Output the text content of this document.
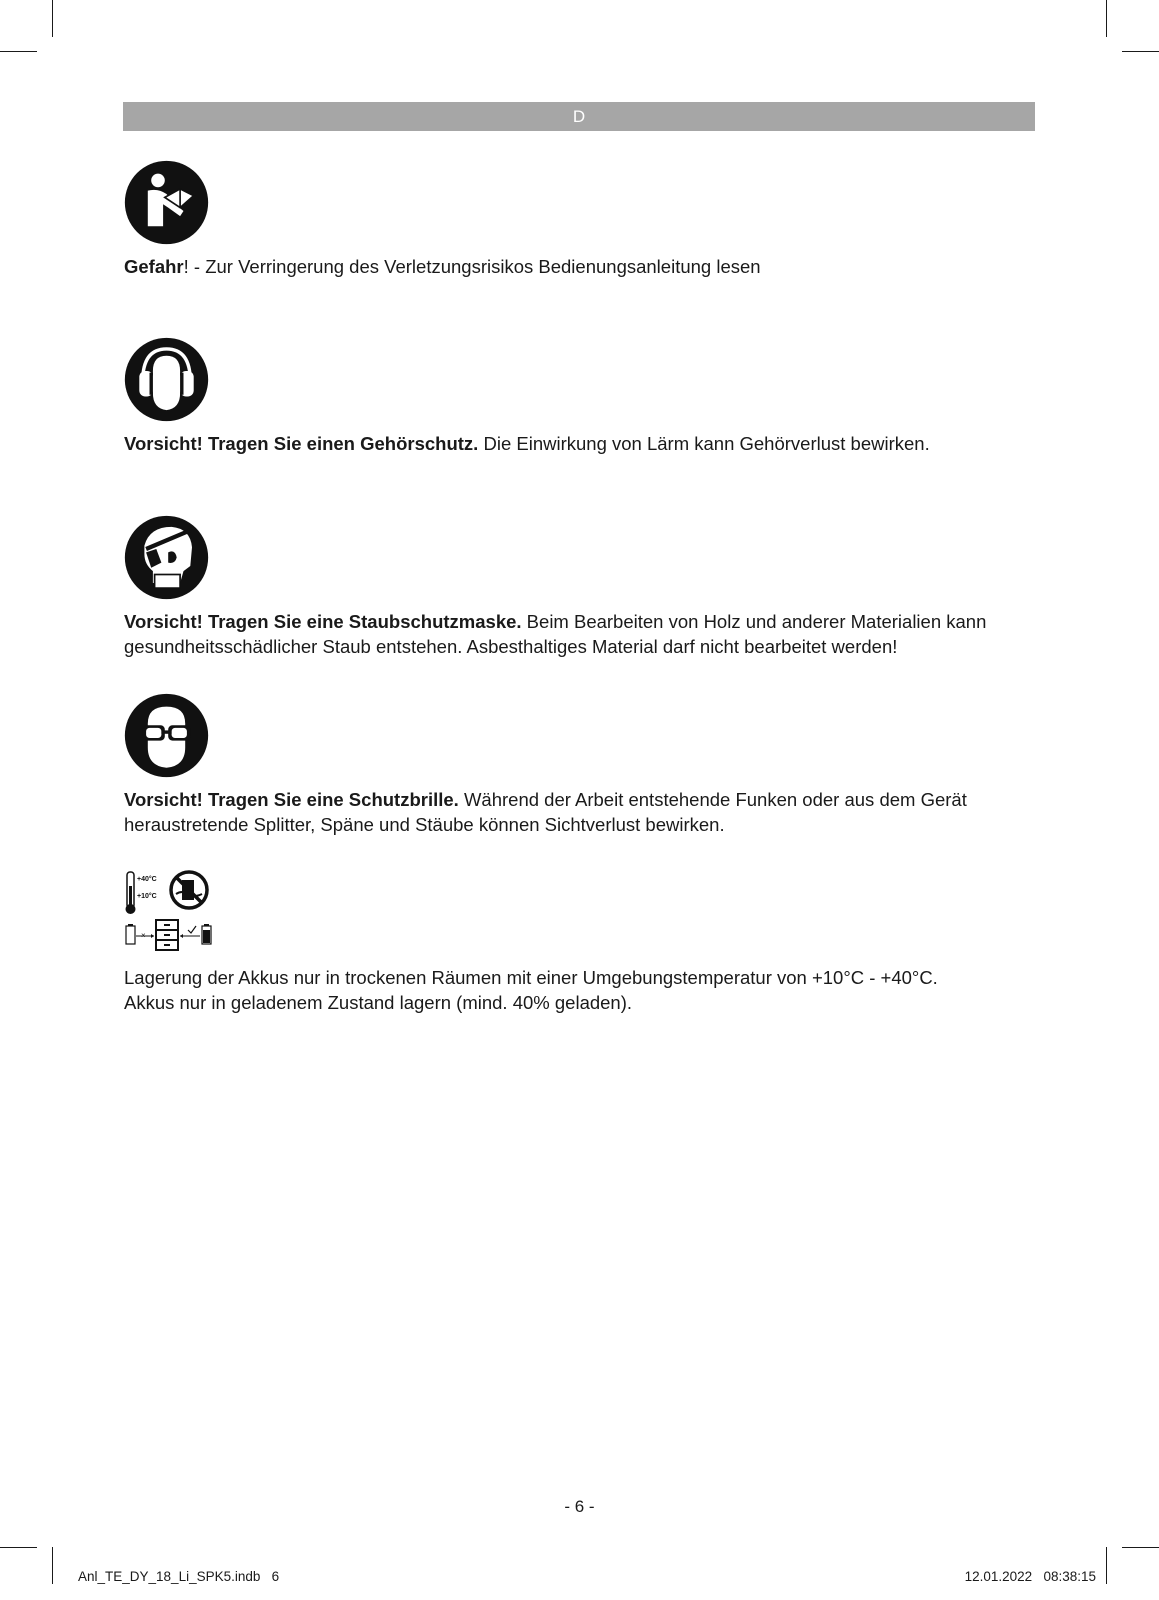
D
Gefahr! - Zur Verringerung des Verletzungsrisikos Bedienungsanleitung lesen
Vorsicht! Tragen Sie einen Gehörschutz. Die Einwirkung von Lärm kann Gehörverlust bewirken.
Vorsicht! Tragen Sie eine Staubschutzmaske. Beim Bearbeiten von Holz und anderer Materialien kann gesundheitsschädlicher Staub entstehen. Asbesthaltiges Material darf nicht bearbeitet werden!
Vorsicht! Tragen Sie eine Schutzbrille. Während der Arbeit entstehende Funken oder aus dem Gerät heraustretende Splitter, Späne und Stäube können Sichtverlust bewirken.
+40°C
+10°C
×
Lagerung der Akkus nur in trockenen Räumen mit einer Umgebungstemperatur von +10°C - +40°C.
Akkus nur in geladenem Zustand lagern (mind. 40% geladen).
- 6 -
Anl_TE_DY_18_Li_SPK5.indb   6	12.01.2022   08:38:15
